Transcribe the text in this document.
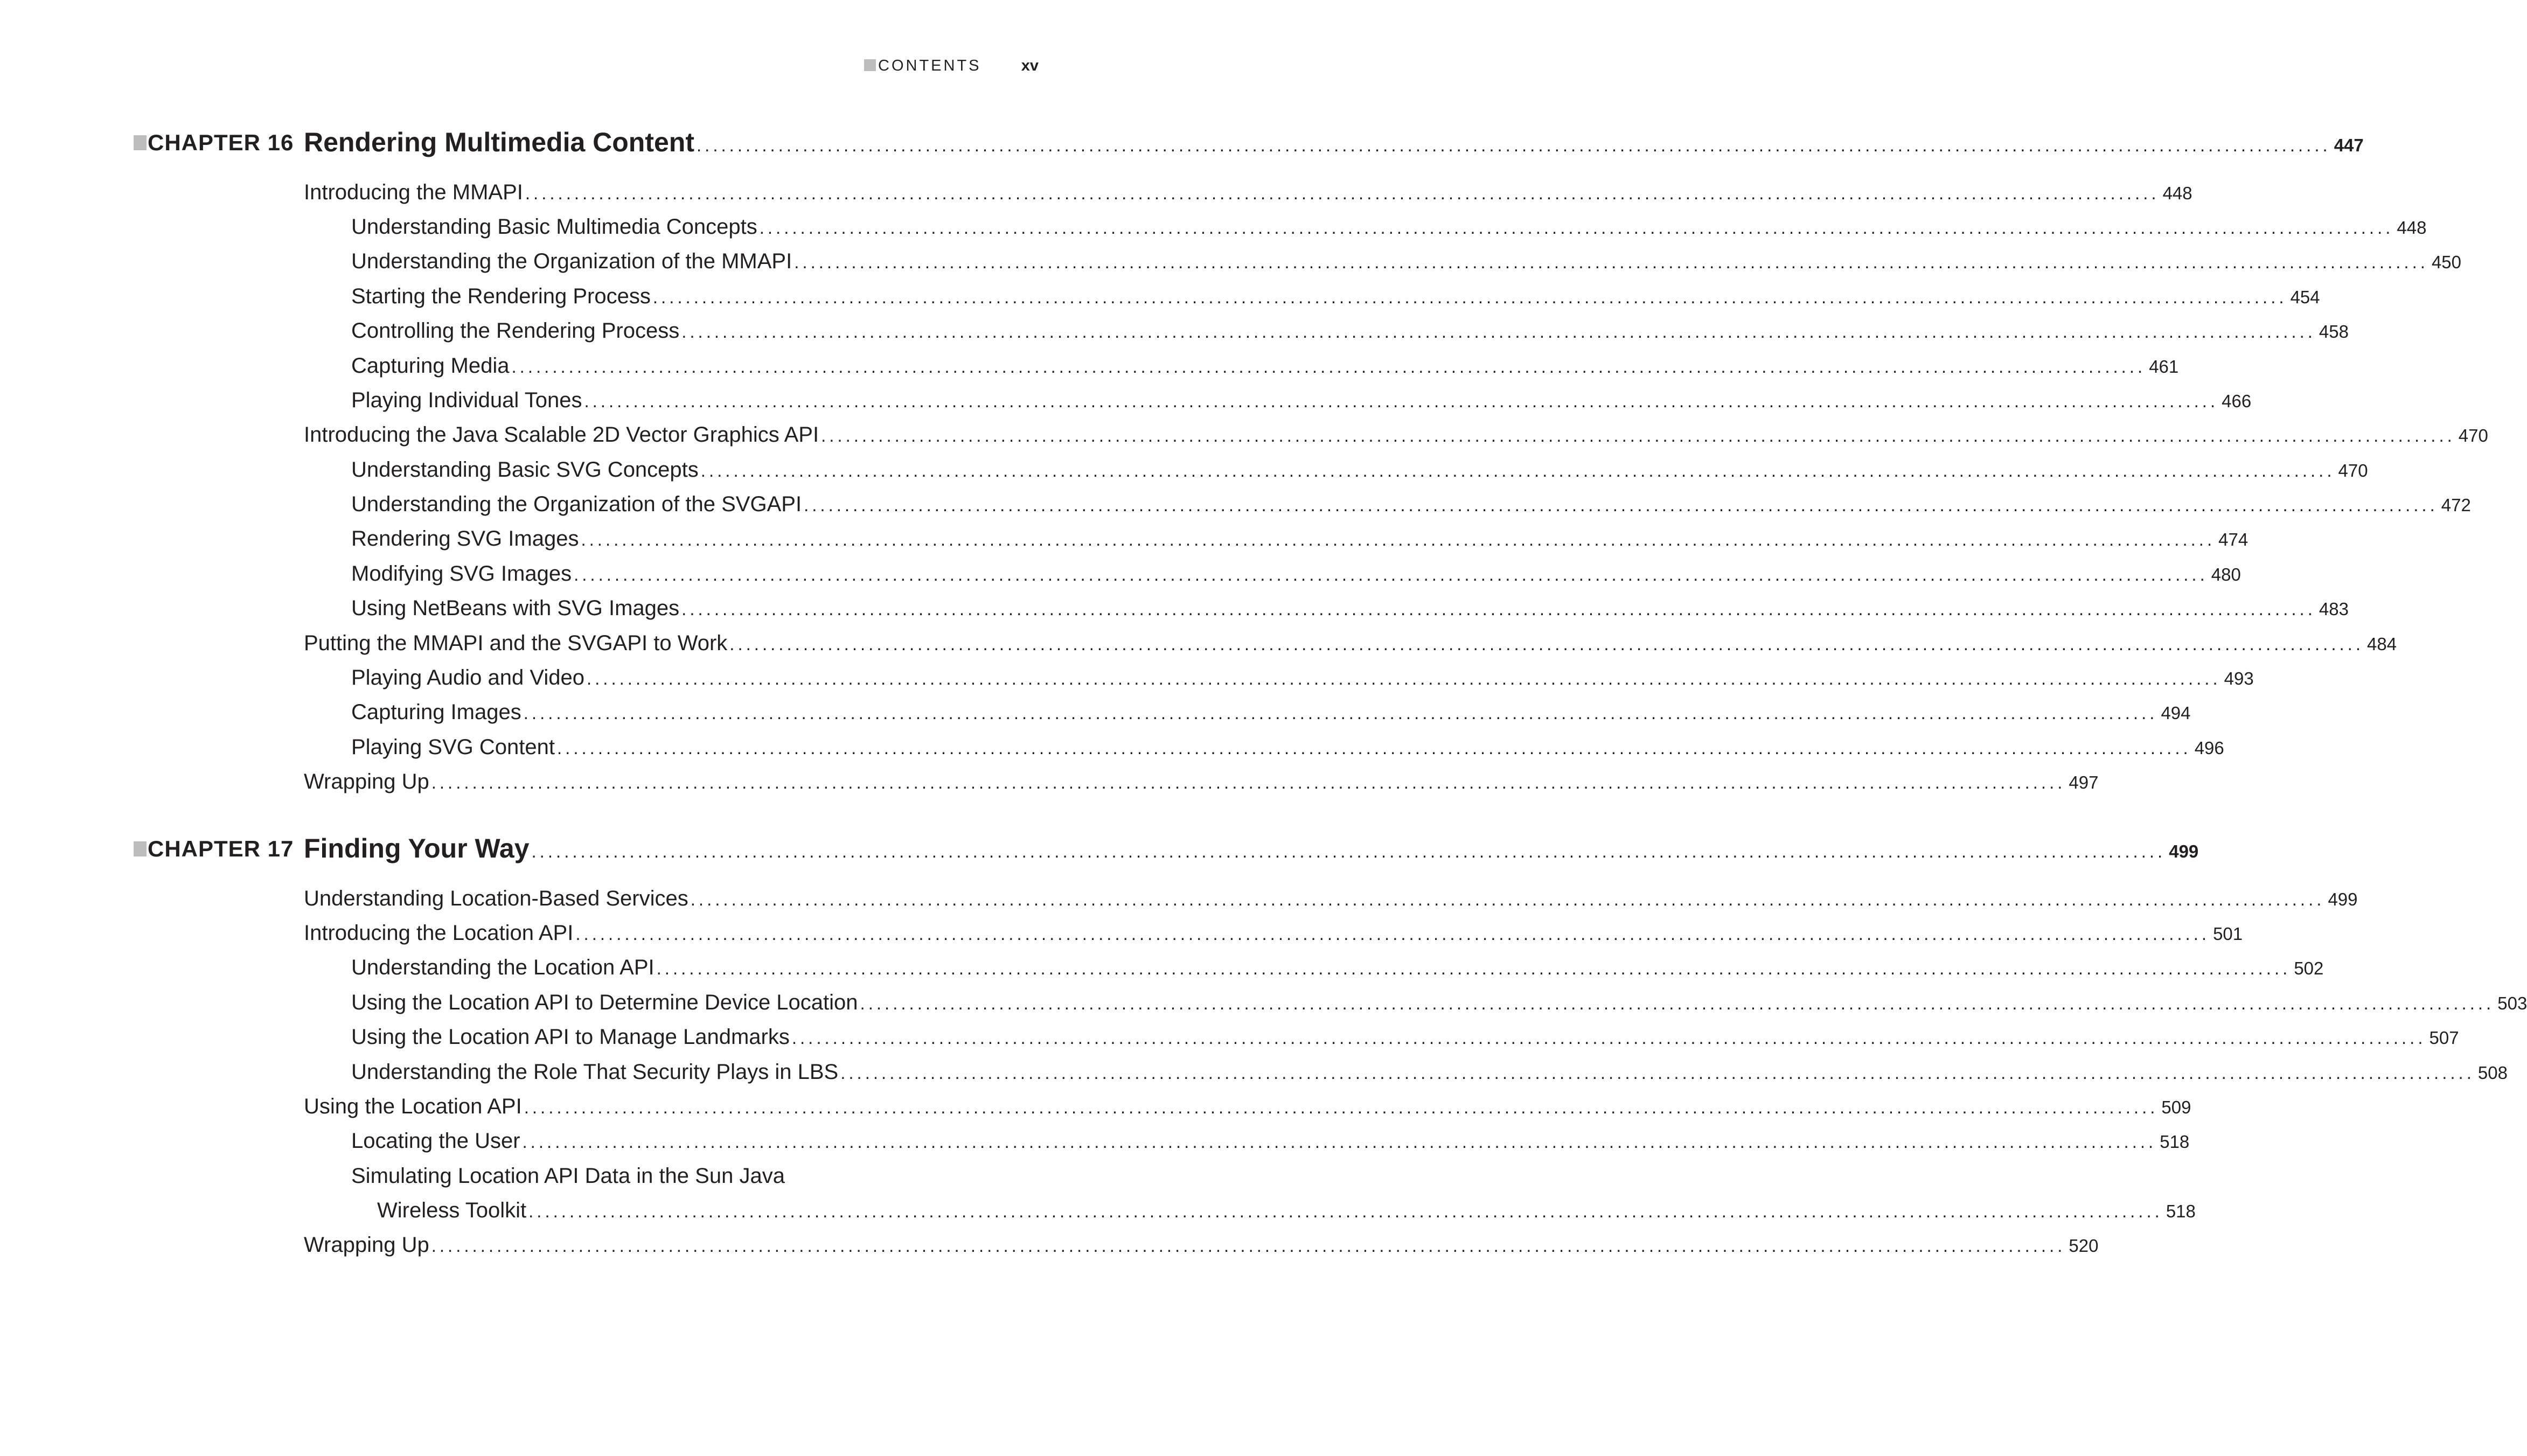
CONTENTS	xv
CHAPTER 16 Rendering Multimedia Content ........................................................................................................................................................................................................ 447
Introducing the MMAPI ........................................................................................................................................................................................................ 448
Understanding Basic Multimedia Concepts ........................................................................................................................................................................................................ 448
Understanding the Organization of the MMAPI ........................................................................................................................................................................................................ 450
Starting the Rendering Process ........................................................................................................................................................................................................ 454
Controlling the Rendering Process ........................................................................................................................................................................................................ 458
Capturing Media ........................................................................................................................................................................................................ 461
Playing Individual Tones ........................................................................................................................................................................................................ 466
Introducing the Java Scalable 2D Vector Graphics API ........................................................................................................................................................................................................ 470
Understanding Basic SVG Concepts ........................................................................................................................................................................................................ 470
Understanding the Organization of the SVGAPI ........................................................................................................................................................................................................ 472
Rendering SVG Images ........................................................................................................................................................................................................ 474
Modifying SVG Images ........................................................................................................................................................................................................ 480
Using NetBeans with SVG Images ........................................................................................................................................................................................................ 483
Putting the MMAPI and the SVGAPI to Work ........................................................................................................................................................................................................ 484
Playing Audio and Video ........................................................................................................................................................................................................ 493
Capturing Images ........................................................................................................................................................................................................ 494
Playing SVG Content ........................................................................................................................................................................................................ 496
Wrapping Up ........................................................................................................................................................................................................ 497
CHAPTER 17 Finding Your Way ........................................................................................................................................................................................................ 499
Understanding Location-Based Services ........................................................................................................................................................................................................ 499
Introducing the Location API ........................................................................................................................................................................................................ 501
Understanding the Location API ........................................................................................................................................................................................................ 502
Using the Location API to Determine Device Location ........................................................................................................................................................................................................ 503
Using the Location API to Manage Landmarks ........................................................................................................................................................................................................ 507
Understanding the Role That Security Plays in LBS ........................................................................................................................................................................................................ 508
Using the Location API ........................................................................................................................................................................................................ 509
Locating the User ........................................................................................................................................................................................................ 518
Simulating Location API Data in the Sun Java
Wireless Toolkit ........................................................................................................................................................................................................ 518
Wrapping Up ........................................................................................................................................................................................................ 520
